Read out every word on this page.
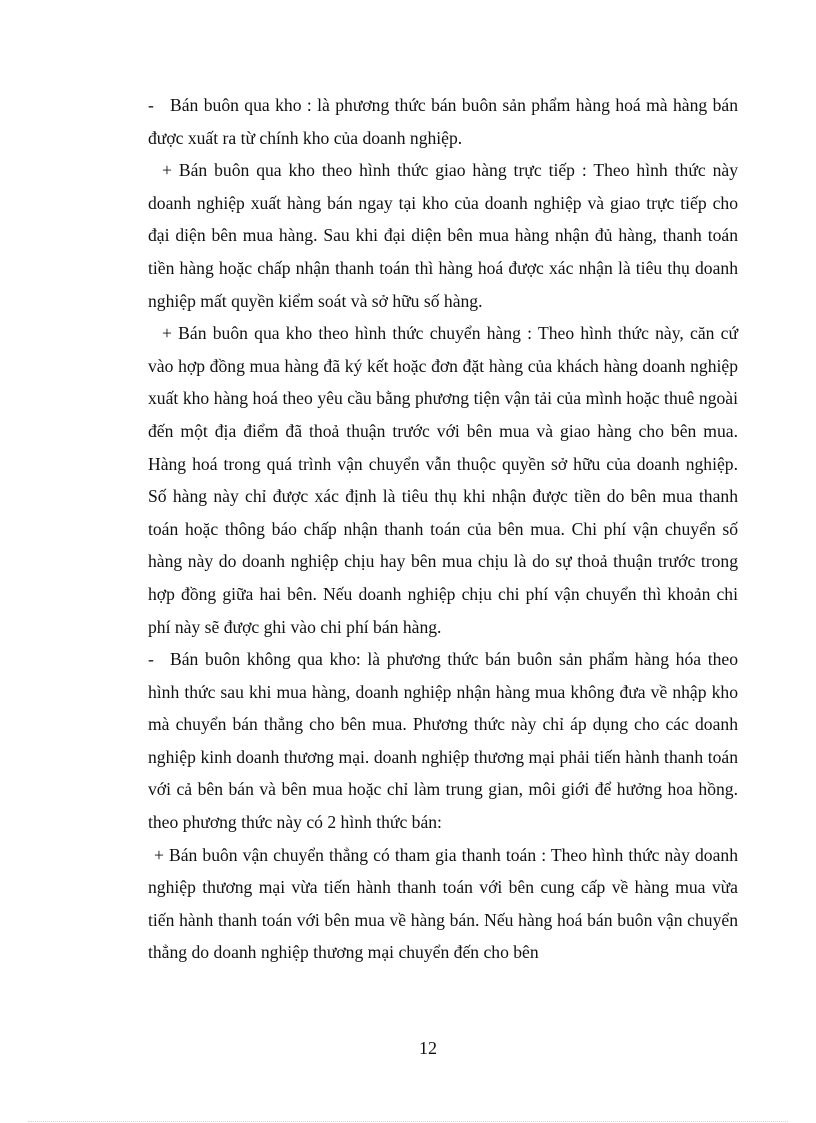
- Bán buôn qua kho : là phương thức bán buôn sản phẩm hàng hoá mà hàng bán được xuất ra từ chính kho của doanh nghiệp.

+ Bán buôn qua kho theo hình thức giao hàng trực tiếp : Theo hình thức này doanh nghiệp xuất hàng bán ngay tại kho của doanh nghiệp và giao trực tiếp cho đại diện bên mua hàng. Sau khi đại diện bên mua hàng nhận đủ hàng, thanh toán tiền hàng hoặc chấp nhận thanh toán thì hàng hoá được xác nhận là tiêu thụ doanh nghiệp mất quyền kiểm soát và sở hữu số hàng.

+ Bán buôn qua kho theo hình thức chuyển hàng : Theo hình thức này, căn cứ vào hợp đồng mua hàng đã ký kết hoặc đơn đặt hàng của khách hàng doanh nghiệp xuất kho hàng hoá theo yêu cầu bằng phương tiện vận tải của mình hoặc thuê ngoài đến một địa điểm đã thoả thuận trước với bên mua và giao hàng cho bên mua. Hàng hoá trong quá trình vận chuyển vẫn thuộc quyền sở hữu của doanh nghiệp. Số hàng này chỉ được xác định là tiêu thụ khi nhận được tiền do bên mua thanh toán hoặc thông báo chấp nhận thanh toán của bên mua. Chi phí vận chuyển số hàng này do doanh nghiệp chịu hay bên mua chịu là do sự thoả thuận trước trong hợp đồng giữa hai bên. Nếu doanh nghiệp chịu chi phí vận chuyển thì khoản chi phí này sẽ được ghi vào chi phí bán hàng.

- Bán buôn không qua kho: là phương thức bán buôn sản phẩm hàng hóa theo hình thức sau khi mua hàng, doanh nghiệp nhận hàng mua không đưa về nhập kho mà chuyển bán thẳng cho bên mua. Phương thức này chỉ áp dụng cho các doanh nghiệp kinh doanh thương mại. doanh nghiệp thương mại phải tiến hành thanh toán với cả bên bán và bên mua hoặc chỉ làm trung gian, môi giới để hưởng hoa hồng. theo phương thức này có 2 hình thức bán:

+ Bán buôn vận chuyển thẳng có tham gia thanh toán : Theo hình thức này doanh nghiệp thương mại vừa tiến hành thanh toán với bên cung cấp về hàng mua vừa tiến hành thanh toán với bên mua về hàng bán. Nếu hàng hoá bán buôn vận chuyển thẳng do doanh nghiệp thương mại chuyển đến cho bên

12
